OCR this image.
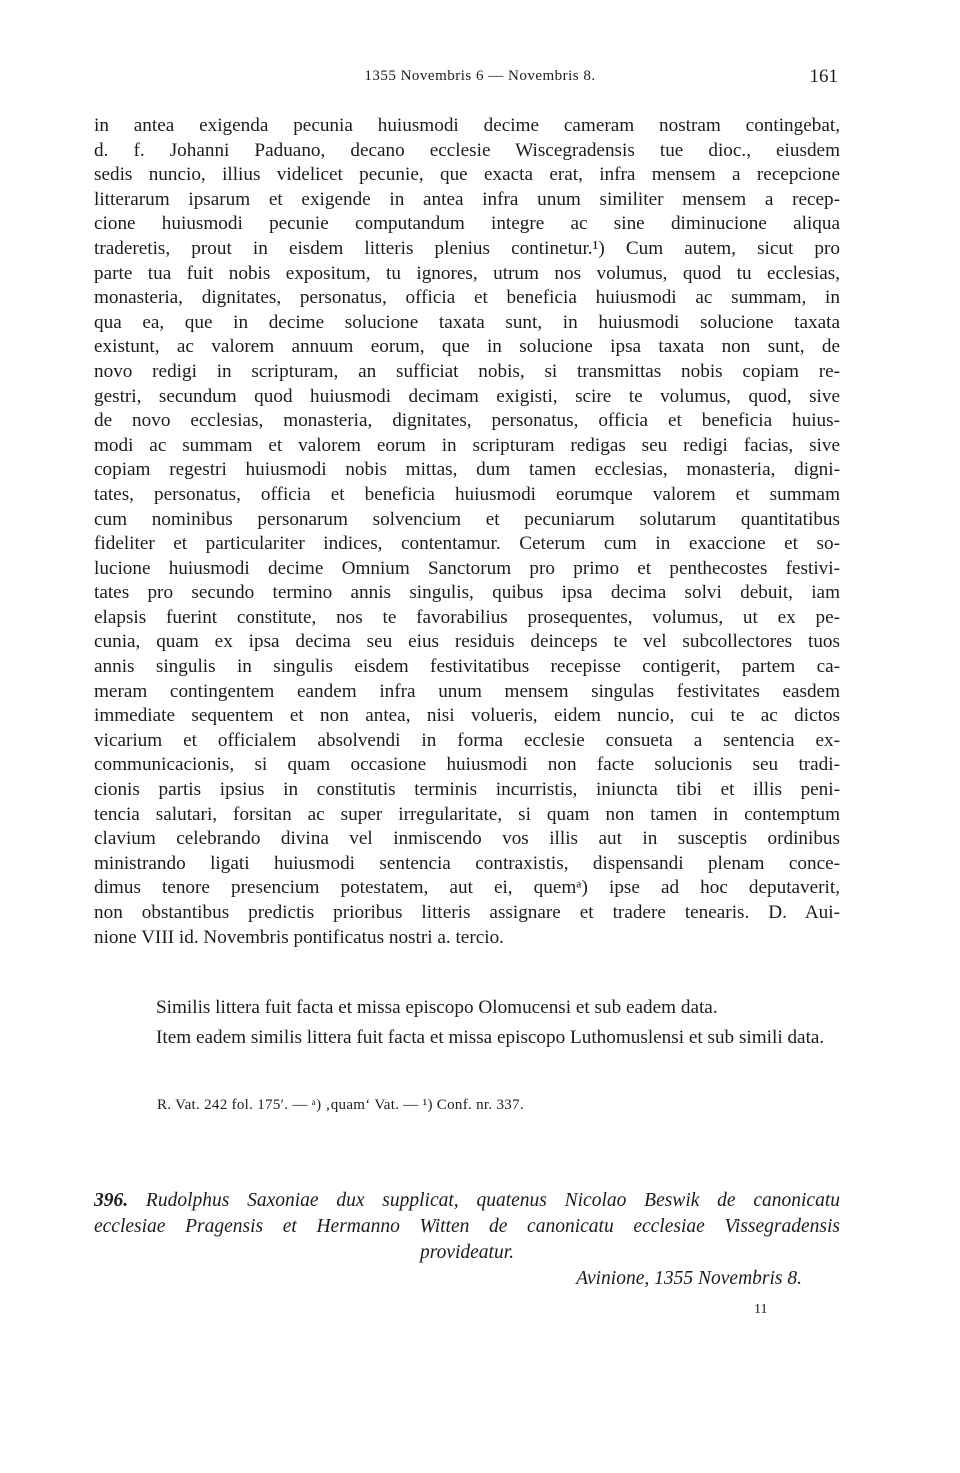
1355 Novembris 6 — Novembris 8.	161

in antea exigenda pecunia huiusmodi decime cameram nostram contingebat,

d. f. Johanni Paduano, decano ecclesie Wiscegradensis tue dioc., eiusdem

sedis nuncio, illius videlicet pecunie, que exacta erat, infra mensem a recepcione

litterarum ipsarum et exigende in antea infra unum similiter mensem a recep-

cione huiusmodi pecunie computandum integre ac sine diminucione aliqua

traderetis, prout in eisdem litteris plenius continetur.¹) Cum autem, sicut pro

parte tua fuit nobis expositum, tu ignores, utrum nos volumus, quod tu ecclesias,

monasteria, dignitates, personatus, officia et beneficia huiusmodi ac summam, in

qua ea, que in decime solucione taxata sunt, in huiusmodi solucione taxata

existunt, ac valorem annuum eorum, que in solucione ipsa taxata non sunt, de

novo redigi in scripturam, an sufficiat nobis, si transmittas nobis copiam re-

gestri, secundum quod huiusmodi decimam exigisti, scire te volumus, quod, sive

de novo ecclesias, monasteria, dignitates, personatus, officia et beneficia huius-

modi ac summam et valorem eorum in scripturam redigas seu redigi facias, sive

copiam regestri huiusmodi nobis mittas, dum tamen ecclesias, monasteria, digni-

tates, personatus, officia et beneficia huiusmodi eorumque valorem et summam

cum nominibus personarum solvencium et pecuniarum solutarum quantitatibus

fideliter et particulariter indices, contentamur. Ceterum cum in exaccione et so-

lucione huiusmodi decime Omnium Sanctorum pro primo et penthecostes festivi-

tates pro secundo termino annis singulis, quibus ipsa decima solvi debuit, iam

elapsis fuerint constitute, nos te favorabilius prosequentes, volumus, ut ex pe-

cunia, quam ex ipsa decima seu eius residuis deinceps te vel subcollectores tuos

annis singulis in singulis eisdem festivitatibus recepisse contigerit, partem ca-

meram contingentem eandem infra unum mensem singulas festivitates easdem

immediate sequentem et non antea, nisi volueris, eidem nuncio, cui te ac dictos

vicarium et officialem absolvendi in forma ecclesie consueta a sentencia ex-

communicacionis, si quam occasione huiusmodi non facte solucionis seu tradi-

cionis partis ipsius in constitutis terminis incurristis, iniuncta tibi et illis peni-

tencia salutari, forsitan ac super irregularitate, si quam non tamen in contemptum

clavium celebrando divina vel inmiscendo vos illis aut in susceptis ordinibus

ministrando ligati huiusmodi sentencia contraxistis, dispensandi plenam conce-

dimus tenore presencium potestatem, aut ei, quemᵃ) ipse ad hoc deputaverit,

non obstantibus predictis prioribus litteris assignare et tradere tenearis. D. Aui-

nione VIII id. Novembris pontificatus nostri a. tercio.

Similis littera fuit facta et missa episcopo Olomucensi et sub eadem data.

Item eadem similis littera fuit facta et missa episcopo Luthomuslensi et sub simili data.

R. Vat. 242 fol. 175′. — ᵃ) ‚quam‘ Vat. — ¹) Conf. nr. 337.

396. Rudolphus Saxoniae dux supplicat, quatenus Nicolao Beswik de canonicatu

ecclesiae Pragensis et Hermanno Witten de canonicatu ecclesiae Vissegradensis

provideatur.

Avinione, 1355 Novembris 8.
11
